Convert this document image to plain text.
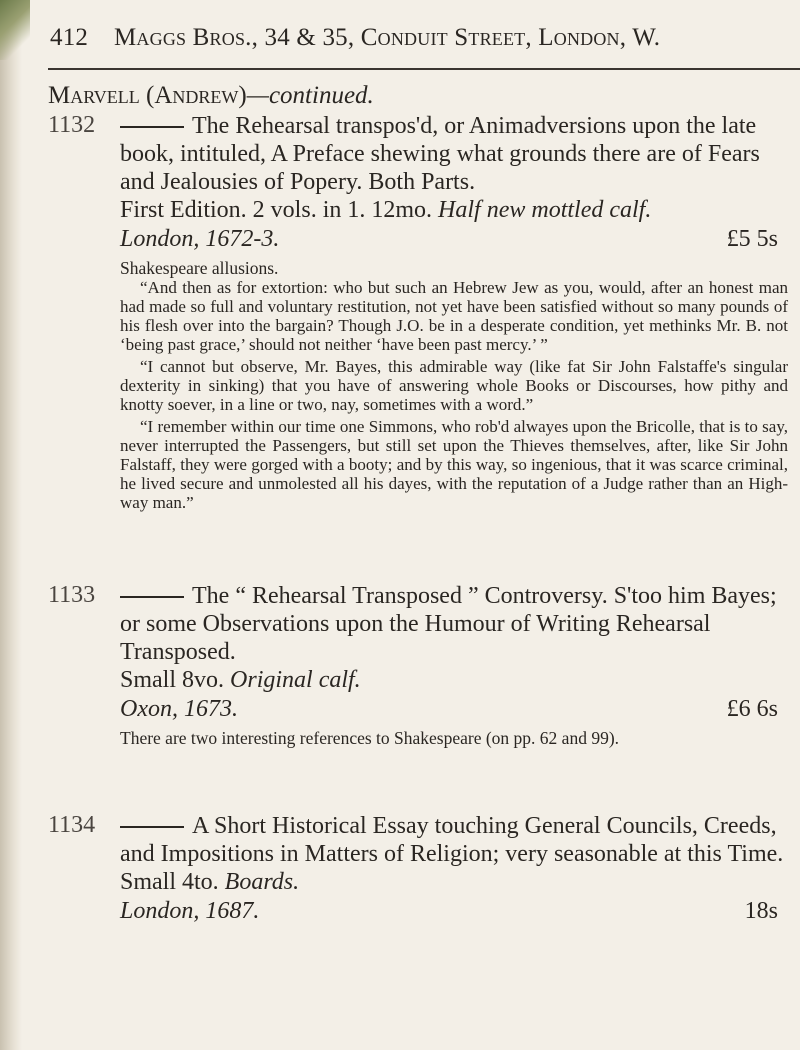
412 Maggs Bros., 34 & 35, Conduit Street, London, W.
Marvell (Andrew)—continued.
1132	The Rehearsal transpos'd, or Animadversions upon the late book, intituled, A Preface shewing what grounds there are of Fears and Jealousies of Popery. Both Parts.

First Edition. 2 vols. in 1. 12mo. Half new mottled calf.

London, 1672-3.	£5 5s

Shakespeare allusions.

“And then as for extortion: who but such an Hebrew Jew as you, would, after an honest man had made so full and voluntary restitution, not yet have been satisfied without so many pounds of his flesh over into the bargain? Though J.O. be in a desperate condition, yet methinks Mr. B. not ‘being past grace,’ should not neither ‘have been past mercy.’ ”

“I cannot but observe, Mr. Bayes, this admirable way (like fat Sir John Falstaffe's singular dexterity in sinking) that you have of answering whole Books or Discourses, how pithy and knotty soever, in a line or two, nay, sometimes with a word.”

“I remember within our time one Simmons, who rob'd alwayes upon the Bricolle, that is to say, never interrupted the Passengers, but still set upon the Thieves themselves, after, like Sir John Falstaff, they were gorged with a booty; and by this way, so ingenious, that it was scarce criminal, he lived secure and unmolested all his dayes, with the reputation of a Judge rather than an High-way man.”

1133	The “ Rehearsal Transposed ” Controversy. S'too him Bayes; or some Observations upon the Humour of Writing Rehearsal Transposed.

Small 8vo. Original calf.

Oxon, 1673.	£6 6s

There are two interesting references to Shakespeare (on pp. 62 and 99).

1134	A Short Historical Essay touching General Councils, Creeds, and Impositions in Matters of Religion; very seasonable at this Time.

Small 4to. Boards.

London, 1687.	18s
